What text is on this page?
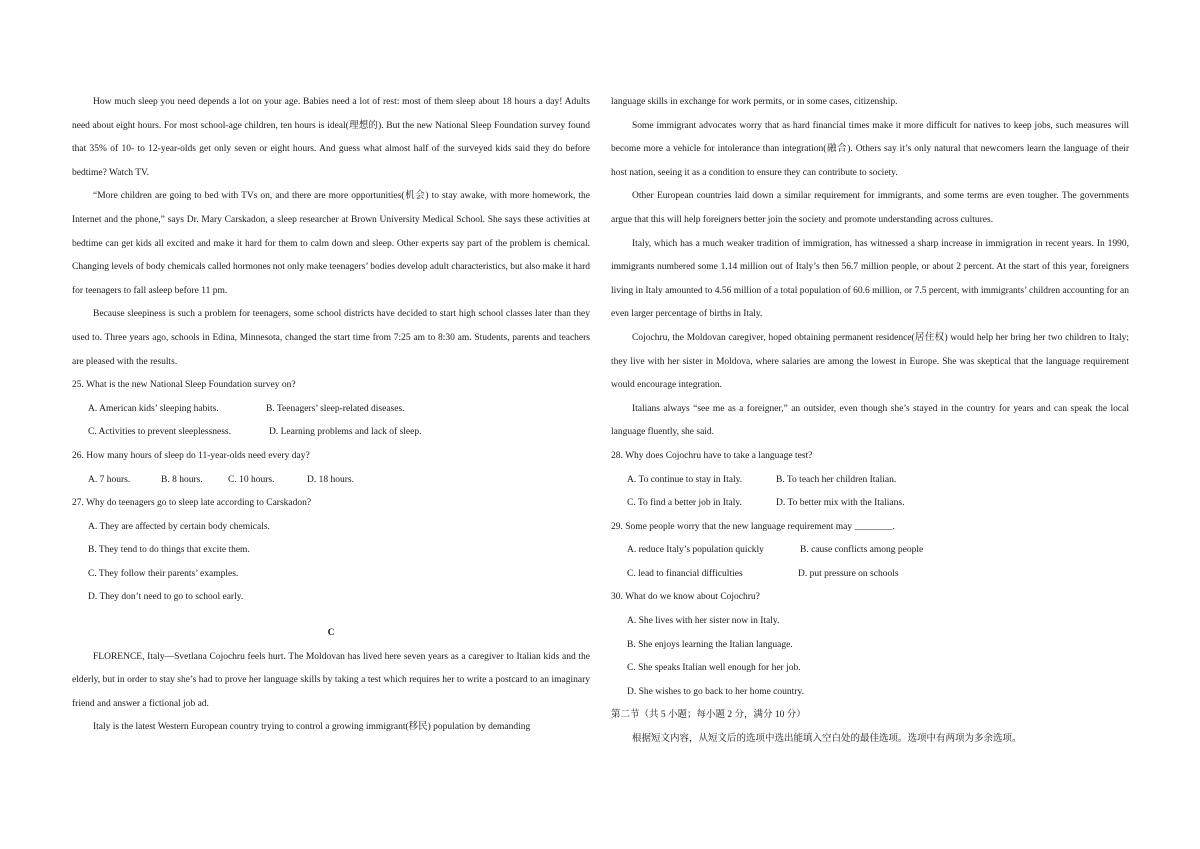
How much sleep you need depends a lot on your age. Babies need a lot of rest: most of them sleep about 18 hours a day! Adults need about eight hours. For most school-age children, ten hours is ideal(理想的). But the new National Sleep Foundation survey found that 35% of 10- to 12-year-olds get only seven or eight hours. And guess what almost half of the surveyed kids said they do before bedtime? Watch TV.

“More children are going to bed with TVs on, and there are more opportunities(机会) to stay awake, with more homework, the Internet and the phone,” says Dr. Mary Carskadon, a sleep researcher at Brown University Medical School. She says these activities at bedtime can get kids all excited and make it hard for them to calm down and sleep. Other experts say part of the problem is chemical. Changing levels of body chemicals called hormones not only make teenagers’ bodies develop adult characteristics, but also make it hard for teenagers to fall asleep before 11 pm.

Because sleepiness is such a problem for teenagers, some school districts have decided to start high school classes later than they used to. Three years ago, schools in Edina, Minnesota, changed the start time from 7:25 am to 8:30 am. Students, parents and teachers are pleased with the results.

25. What is the new National Sleep Foundation survey on?

A. American kids’ sleeping habits.	B. Teenagers’ sleep-related diseases.
C. Activities to prevent sleeplessness.	D. Learning problems and lack of sleep.

26. How many hours of sleep do 11-year-olds need every day?

A. 7 hours.	B. 8 hours.	C. 10 hours.	D. 18 hours.

27. Why do teenagers go to sleep late according to Carskadon?

A. They are affected by certain body chemicals.

B. They tend to do things that excite them.

C. They follow their parents’ examples.

D. They don’t need to go to school early.

C

FLORENCE, Italy—Svetlana Cojochru feels hurt. The Moldovan has lived here seven years as a caregiver to Italian kids and the elderly, but in order to stay she’s had to prove her language skills by taking a test which requires her to write a postcard to an imaginary friend and answer a fictional job ad.

Italy is the latest Western European country trying to control a growing immigrant(移民) population by demanding

language skills in exchange for work permits, or in some cases, citizenship.

Some immigrant advocates worry that as hard financial times make it more difficult for natives to keep jobs, such measures will become more a vehicle for intolerance than integration(融合). Others say it’s only natural that newcomers learn the language of their host nation, seeing it as a condition to ensure they can contribute to society.

Other European countries laid down a similar requirement for immigrants, and some terms are even tougher. The governments argue that this will help foreigners better join the society and promote understanding across cultures.

Italy, which has a much weaker tradition of immigration, has witnessed a sharp increase in immigration in recent years. In 1990, immigrants numbered some 1.14 million out of Italy’s then 56.7 million people, or about 2 percent. At the start of this year, foreigners living in Italy amounted to 4.56 million of a total population of 60.6 million, or 7.5 percent, with immigrants’ children accounting for an even larger percentage of births in Italy.

Cojochru, the Moldovan caregiver, hoped obtaining permanent residence(居住权) would help her bring her two children to Italy; they live with her sister in Moldova, where salaries are among the lowest in Europe. She was skeptical that the language requirement would encourage integration.

Italians always “see me as a foreigner,” an outsider, even though she’s stayed in the country for years and can speak the local language fluently, she said.

28. Why does Cojochru have to take a language test?

A. To continue to stay in Italy.	B. To teach her children Italian.
C. To find a better job in Italy.	D. To better mix with the Italians.

29. Some people worry that the new language requirement may ________.

A. reduce Italy’s population quickly	B. cause conflicts among people
C. lead to financial difficulties	D. put pressure on schools

30. What do we know about Cojochru?

A. She lives with her sister now in Italy.

B. She enjoys learning the Italian language.

C. She speaks Italian well enough for her job.

D. She wishes to go back to her home country.

第二节（共 5 小题；每小题 2 分，满分 10 分）

根据短文内容，从短文后的选项中选出能填入空白处的最佳选项。选项中有两项为多余选项。
